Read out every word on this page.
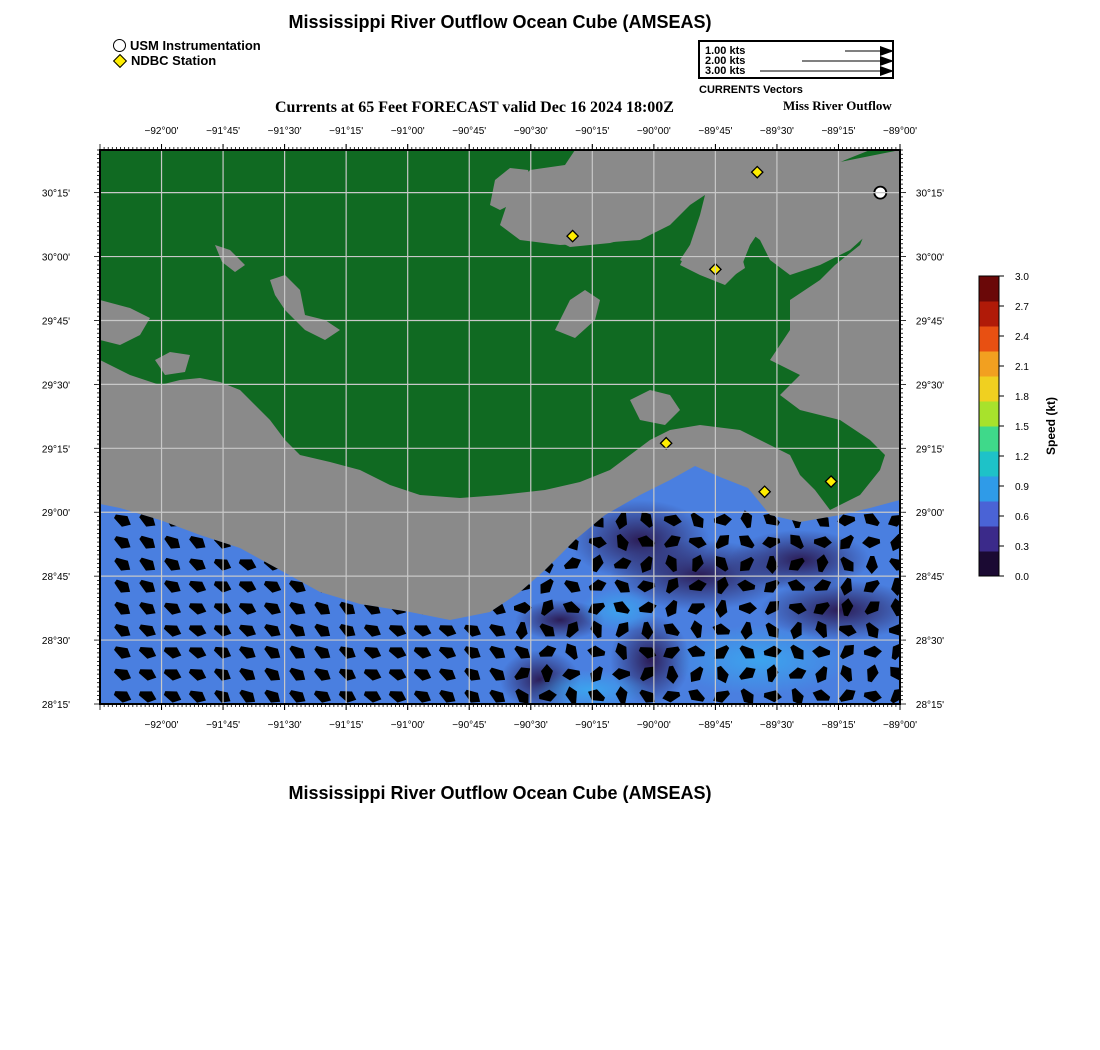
Mississippi River Outflow Ocean Cube (AMSEAS)
USM Instrumentation
NDBC Station
1.00 kts
2.00 kts
3.00 kts
CURRENTS Vectors
Currents at 65 Feet FORECAST valid Dec 16 2024 18:00Z	Miss River Outflow
−92°00'
−92°00'
−91°45'
−91°45'
−91°30'
−91°30'
−91°15'
−91°15'
−91°00'
−91°00'
−90°45'
−90°45'
−90°30'
−90°30'
−90°15'
−90°15'
−90°00'
−90°00'
−89°45'
−89°45'
−89°30'
−89°30'
−89°15'
−89°15'
−89°00'
−89°00'
30°15'	30°15'
30°00'	30°00'
29°45'	29°45'
29°30'	29°30'
29°15'	29°15'
29°00'	29°00'
28°45'	28°45'
28°30'	28°30'
28°15'	28°15'
3.0
2.7
2.4
2.1
1.8
1.5
1.2
0.9
0.6
0.3
0.0
Speed (kt)
Mississippi River Outflow Ocean Cube (AMSEAS)
